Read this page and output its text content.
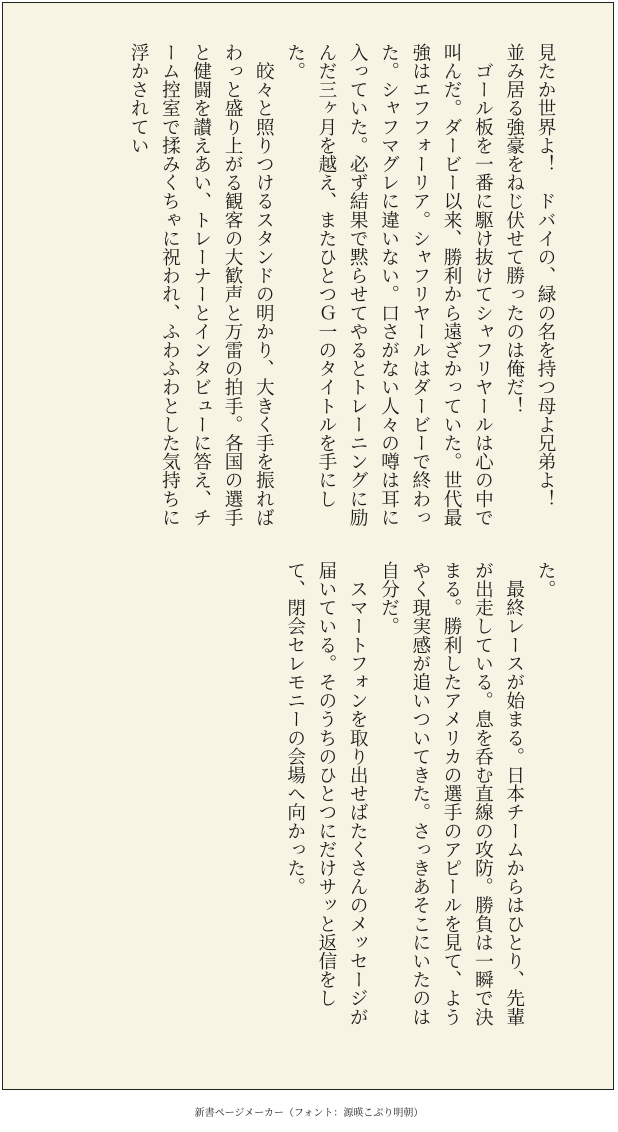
見たか世界よ！　ドバイの、緑の名を持つ母よ兄弟よ！　並み居る強豪をねじ伏せて勝ったのは俺だ！

　ゴール板を一番に駆け抜けてシャフリヤールは心の中で叫んだ。ダービー以来、勝利から遠ざかっていた。世代最強はエフフォーリア。シャフリヤールはダービーで終わった。シャフマグレに違いない。口さがない人々の噂は耳に入っていた。必ず結果で黙らせてやるとトレーニングに励んだ三ヶ月を越え、またひとつＧ一のタイトルを手にした。

　皎々と照りつけるスタンドの明かり、大きく手を振ればわっと盛り上がる観客の大歓声と万雷の拍手。各国の選手と健闘を讃えあい、トレーナーとインタビューに答え、チーム控室で揉みくちゃに祝われ、ふわふわとした気持ちに浮かされてい

た。

　最終レースが始まる。日本チームからはひとり、先輩が出走している。息を呑む直線の攻防。勝負は一瞬で決まる。勝利したアメリカの選手のアピールを見て、ようやく現実感が追いついてきた。さっきあそこにいたのは自分だ。

　スマートフォンを取り出せばたくさんのメッセージが届いている。そのうちのひとつにだけサッと返信をして、閉会セレモニーの会場へ向かった。

新書ページメーカー（フォント：源暎こぶり明朝）
